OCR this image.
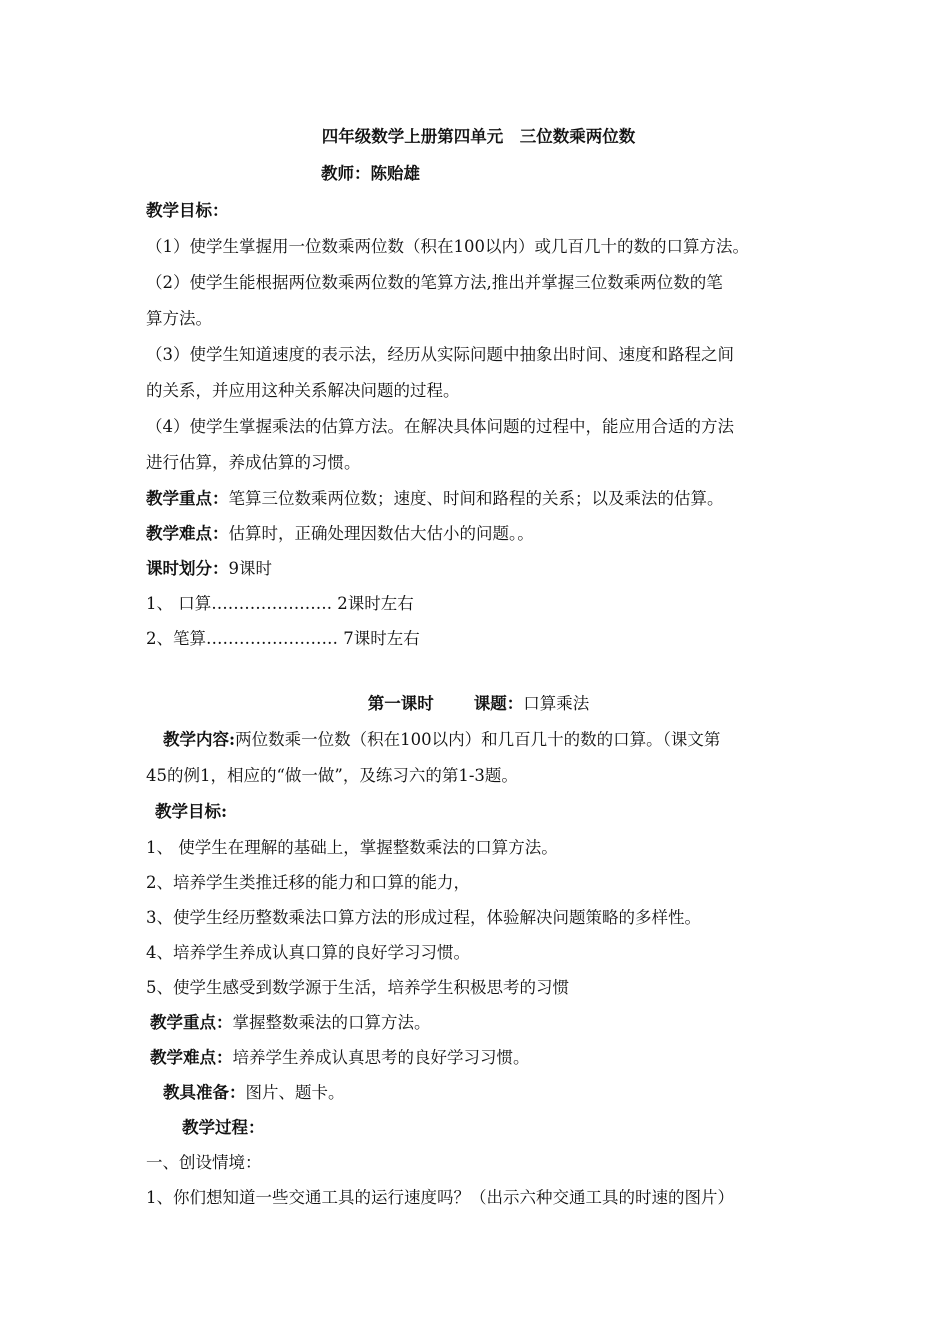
四年级数学上册第四单元　三位数乘两位数
教师：陈贻雄
教学目标：
（1）使学生掌握用一位数乘两位数（积在100以内）或几百几十的数的口算方法。
（2）使学生能根据两位数乘两位数的笔算方法,推出并掌握三位数乘两位数的笔
算方法。
（3）使学生知道速度的表示法，经历从实际问题中抽象出时间、速度和路程之间
的关系，并应用这种关系解决问题的过程。
（4）使学生掌握乘法的估算方法。在解决具体问题的过程中，能应用合适的方法
进行估算，养成估算的习惯。
教学重点：笔算三位数乘两位数；速度、时间和路程的关系；以及乘法的估算。
教学难点：估算时，正确处理因数估大估小的问题。。
课时划分：9课时
1、 口算…………………. 2课时左右
2、笔算…………………… 7课时左右
第一课时 课题：口算乘法
教学内容:两位数乘一位数（积在100以内）和几百几十的数的口算。（课文第
45的例1，相应的“做一做”，及练习六的第1-3题。
教学目标:
1、 使学生在理解的基础上，掌握整数乘法的口算方法。
2、培养学生类推迁移的能力和口算的能力，
3、使学生经历整数乘法口算方法的形成过程，体验解决问题策略的多样性。
4、培养学生养成认真口算的良好学习习惯。
5、使学生感受到数学源于生活，培养学生积极思考的习惯
教学重点：掌握整数乘法的口算方法。
教学难点：培养学生养成认真思考的良好学习习惯。
教具准备：图片、题卡。
教学过程：
一、创设情境：
1、你们想知道一些交通工具的运行速度吗？（出示六种交通工具的时速的图片）
